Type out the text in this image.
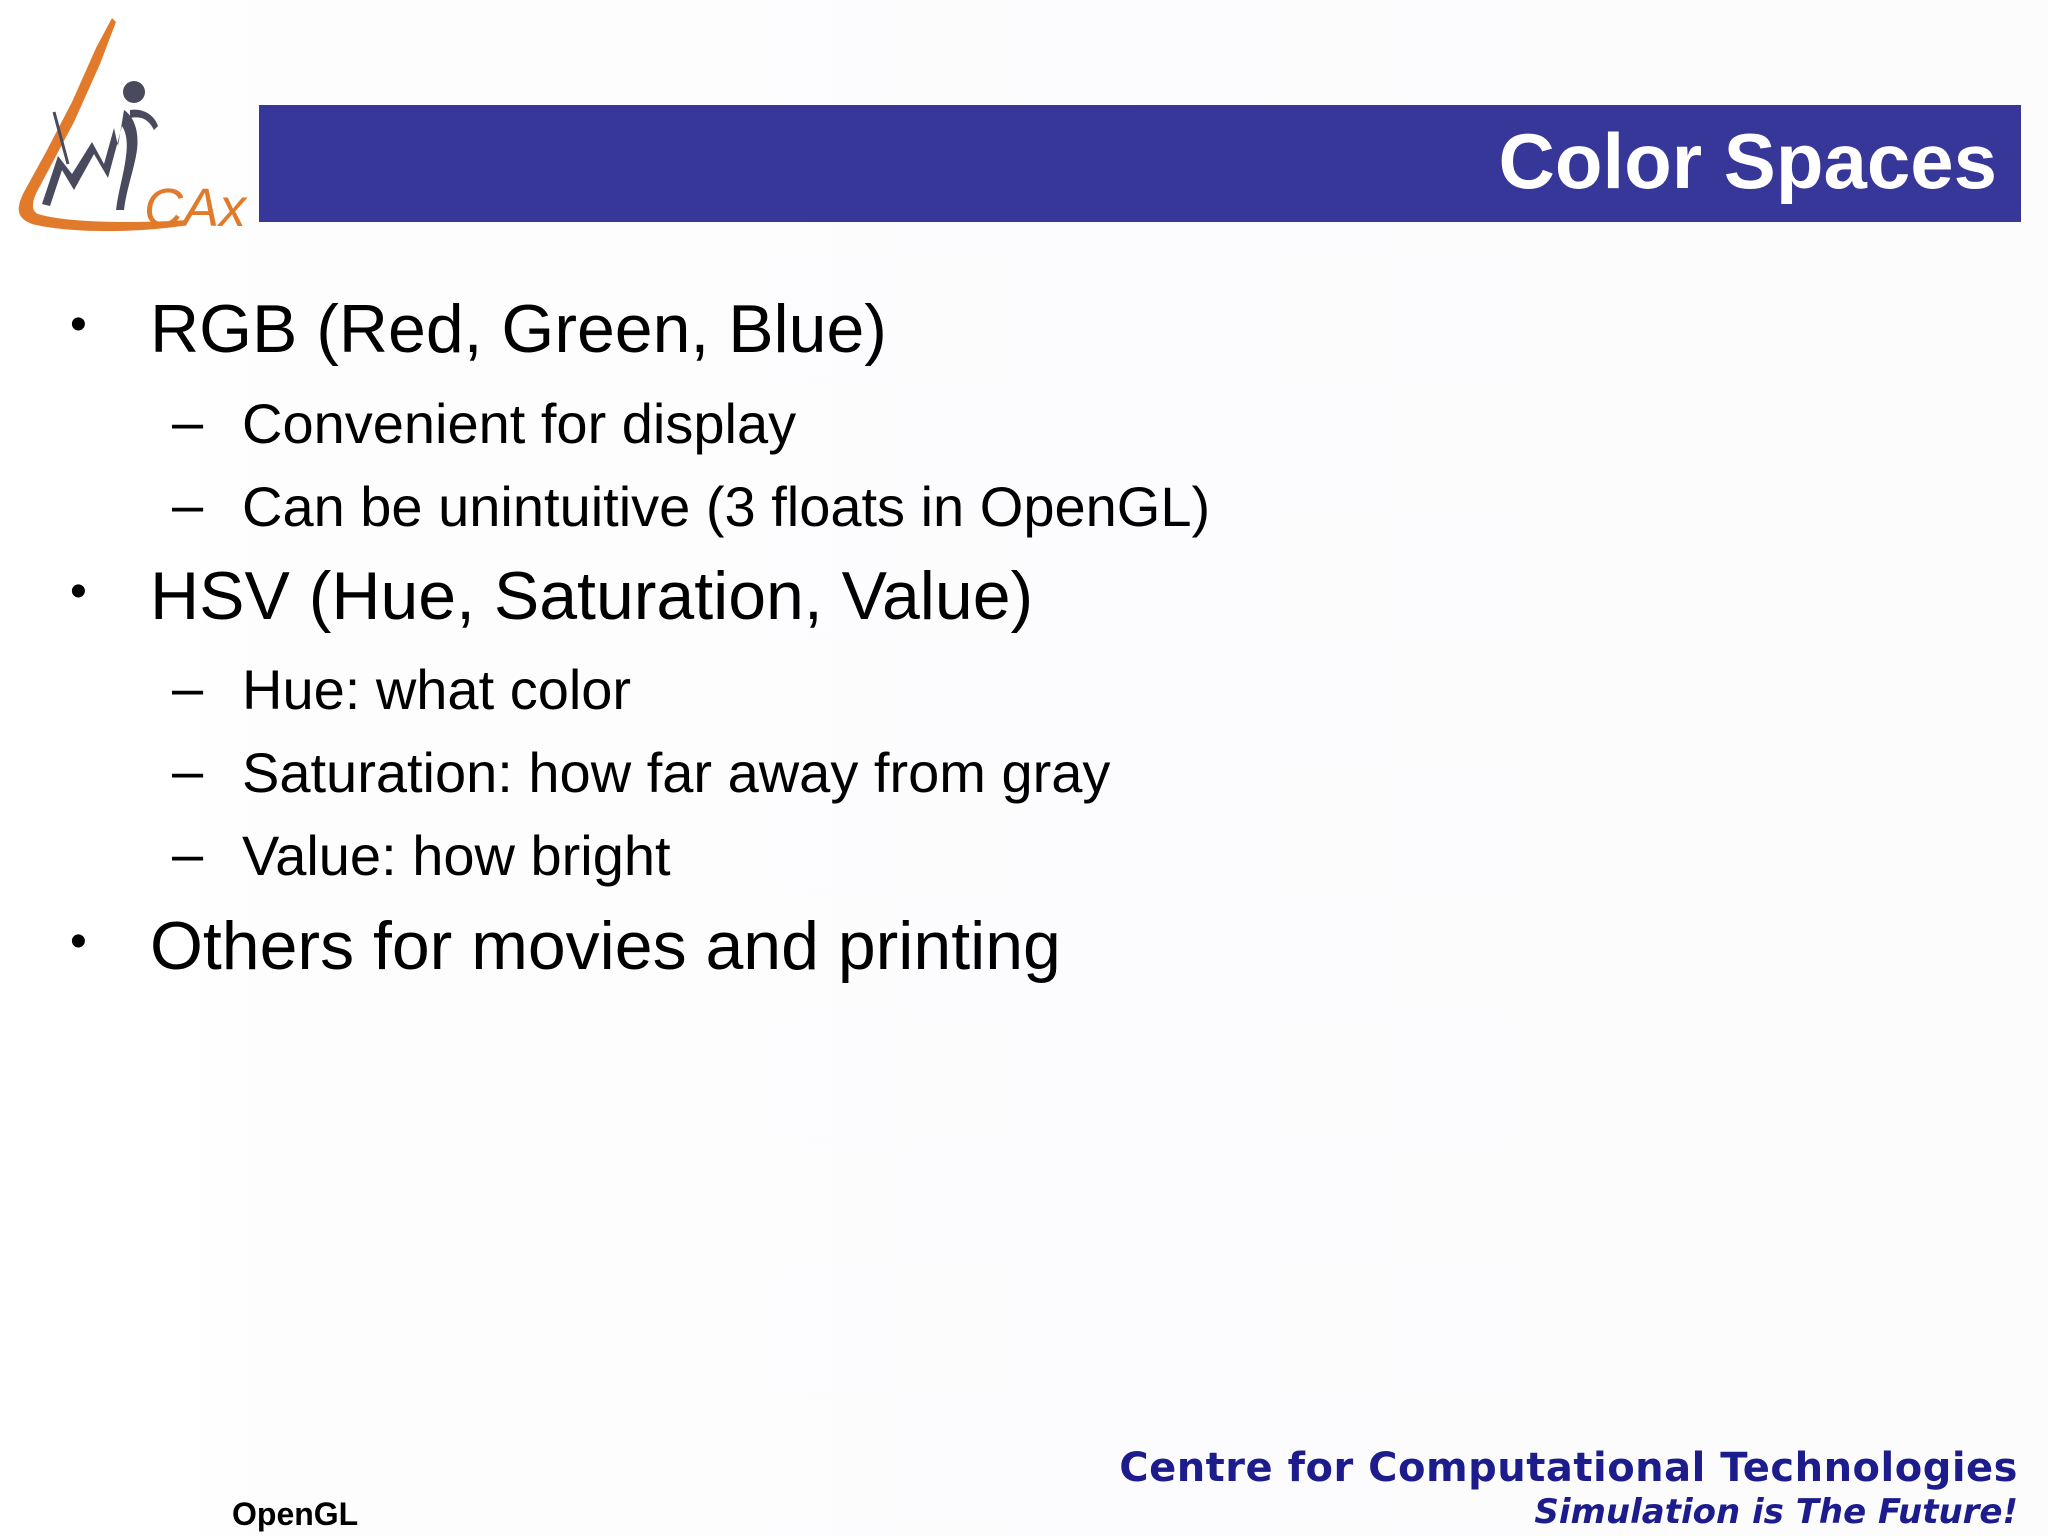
CAx
Color Spaces
• RGB (Red, Green, Blue)
– Convenient for display
– Can be unintuitive (3 floats in OpenGL)
• HSV (Hue, Saturation, Value)
– Hue: what color
– Saturation: how far away from gray
– Value: how bright
• Others for movies and printing
OpenGL
Centre for Computational Technologies
Simulation is The Future!
